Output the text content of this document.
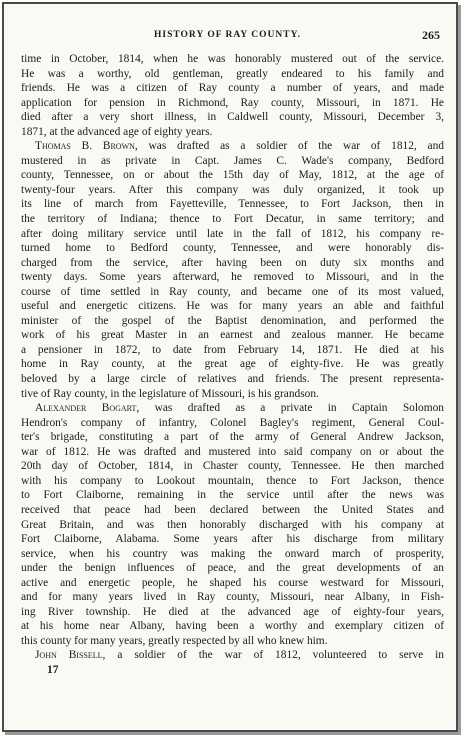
HISTORY OF RAY COUNTY.	265
time in October, 1814, when he was honorably mustered out of the service.
He was a worthy, old gentleman, greatly endeared to his family and
friends. He was a citizen of Ray county a number of years, and made
application for pension in Richmond, Ray county, Missouri, in 1871. He
died after a very short illness, in Caldwell county, Missouri, December 3,
1871, at the advanced age of eighty years.
Thomas B. Brown, was drafted as a soldier of the war of 1812, and
mustered in as private in Capt. James C. Wade's company, Bedford
county, Tennessee, on or about the 15th day of May, 1812, at the age of
twenty-four years. After this company was duly organized, it took up
its line of march from Fayetteville, Tennessee, to Fort Jackson, then in
the territory of Indiana; thence to Fort Decatur, in same territory; and
after doing military service until late in the fall of 1812, his company re-
turned home to Bedford county, Tennessee, and were honorably dis-
charged from the service, after having been on duty six months and
twenty days. Some years afterward, he removed to Missouri, and in the
course of time settled in Ray county, and became one of its most valued,
useful and energetic citizens. He was for many years an able and faithful
minister of the gospel of the Baptist denomination, and performed the
work of his great Master in an earnest and zealous manner. He became
a pensioner in 1872, to date from February 14, 1871. He died at his
home in Ray county, at the great age of eighty-five. He was greatly
beloved by a large circle of relatives and friends. The present representa-
tive of Ray county, in the legislature of Missouri, is his grandson.
Alexander Bogart, was drafted as a private in Captain Solomon
Hendron's company of infantry, Colonel Bagley's regiment, General Coul-
ter's brigade, constituting a part of the army of General Andrew Jackson,
war of 1812. He was drafted and mustered into said company on or about the
20th day of October, 1814, in Chaster county, Tennessee. He then marched
with his company to Lookout mountain, thence to Fort Jackson, thence
to Fort Claiborne, remaining in the service until after the news was
received that peace had been declared between the United States and
Great Britain, and was then honorably discharged with his company at
Fort Claiborne, Alabama. Some years after his discharge from military
service, when his country was making the onward march of prosperity,
under the benign influences of peace, and the great developments of an
active and energetic people, he shaped his course westward for Missouri,
and for many years lived in Ray county, Missouri, near Albany, in Fish-
ing River township. He died at the advanced age of eighty-four years,
at his home near Albany, having been a worthy and exemplary citizen of
this county for many years, greatly respected by all who knew him.
John Bissell, a soldier of the war of 1812, volunteered to serve in
17
